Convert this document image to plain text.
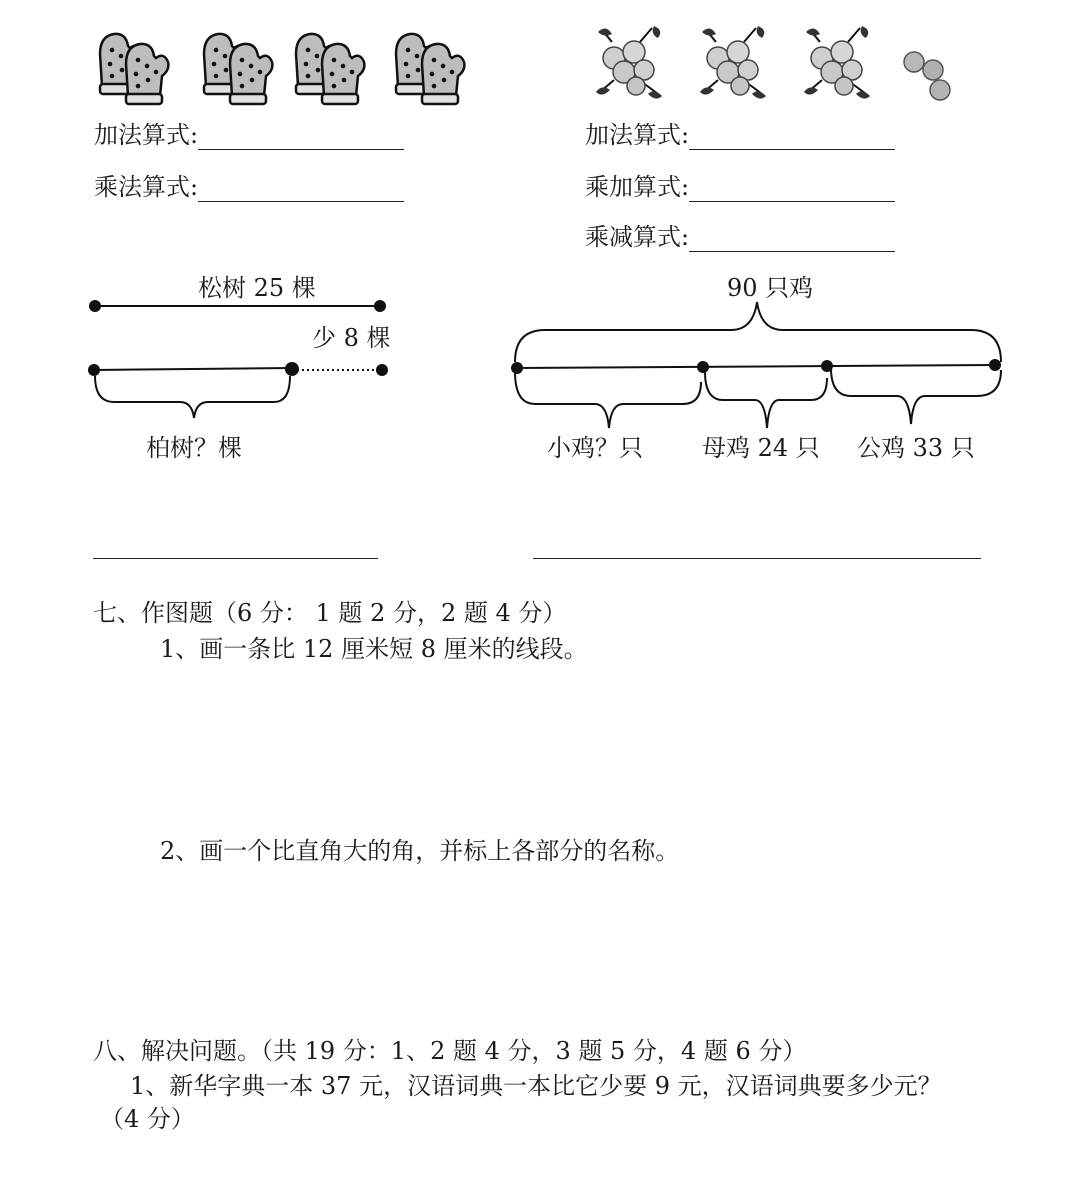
加法算式:
乘法算式:
加法算式:
乘加算式:
乘减算式:
松树 25 棵
少 8 棵
柏树？棵
90 只鸡
小鸡？只 母鸡 24 只 公鸡 33 只
七、作图题（6 分： 1 题 2 分，2 题 4 分）
1、画一条比 12 厘米短 8 厘米的线段。
2、画一个比直角大的角，并标上各部分的名称。
八、解决问题。（共 19 分：1、2 题 4 分，3 题 5 分，4 题 6 分）
1、新华字典一本 37 元，汉语词典一本比它少要 9 元，汉语词典要多少元？
（4 分）
